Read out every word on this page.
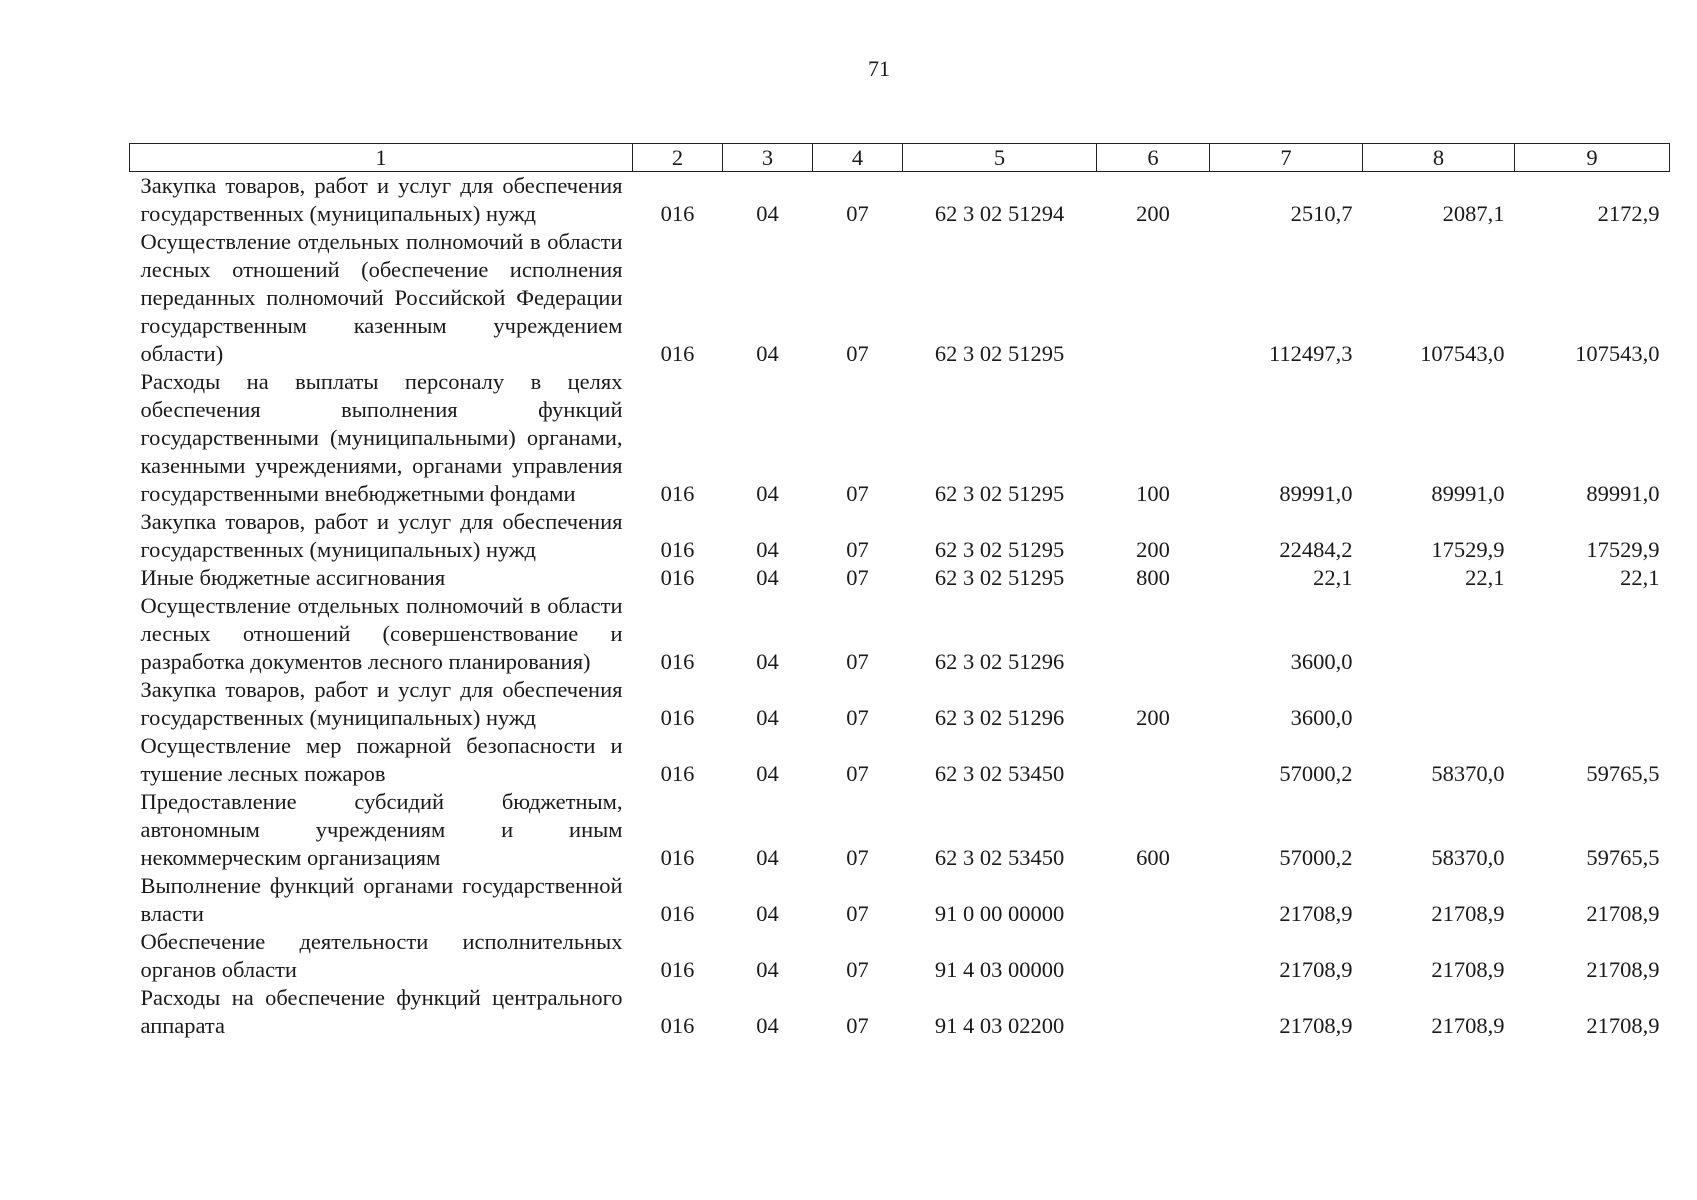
71
1	2	3	4	5	6	7	8	9
Закупка товаров, работ и услуг для обеспечения государственных (муниципальных) нужд	016	04	07	62 3 02 51294	200	2510,7	2087,1	2172,9
Осуществление отдельных полномочий в области лесных отношений (обеспечение исполнения переданных полномочий Российской Федерации государственным казенным учреждением области)	016	04	07	62 3 02 51295		112497,3	107543,0	107543,0
Расходы на выплаты персоналу в целях обеспечения выполнения функций государственными (муниципальными) органами, казенными учреждениями, органами управления государственными внебюджетными фондами	016	04	07	62 3 02 51295	100	89991,0	89991,0	89991,0
Закупка товаров, работ и услуг для обеспечения государственных (муниципальных) нужд	016	04	07	62 3 02 51295	200	22484,2	17529,9	17529,9
Иные бюджетные ассигнования	016	04	07	62 3 02 51295	800	22,1	22,1	22,1
Осуществление отдельных полномочий в области лесных отношений (совершенствование и разработка документов лесного планирования)	016	04	07	62 3 02 51296		3600,0		
Закупка товаров, работ и услуг для обеспечения государственных (муниципальных) нужд	016	04	07	62 3 02 51296	200	3600,0		
Осуществление мер пожарной безопасности и тушение лесных пожаров	016	04	07	62 3 02 53450		57000,2	58370,0	59765,5
Предоставление субсидий бюджетным, автономным учреждениям и иным некоммерческим организациям	016	04	07	62 3 02 53450	600	57000,2	58370,0	59765,5
Выполнение функций органами государственной власти	016	04	07	91 0 00 00000		21708,9	21708,9	21708,9
Обеспечение деятельности исполнительных органов области	016	04	07	91 4 03 00000		21708,9	21708,9	21708,9
Расходы на обеспечение функций центрального аппарата	016	04	07	91 4 03 02200		21708,9	21708,9	21708,9
